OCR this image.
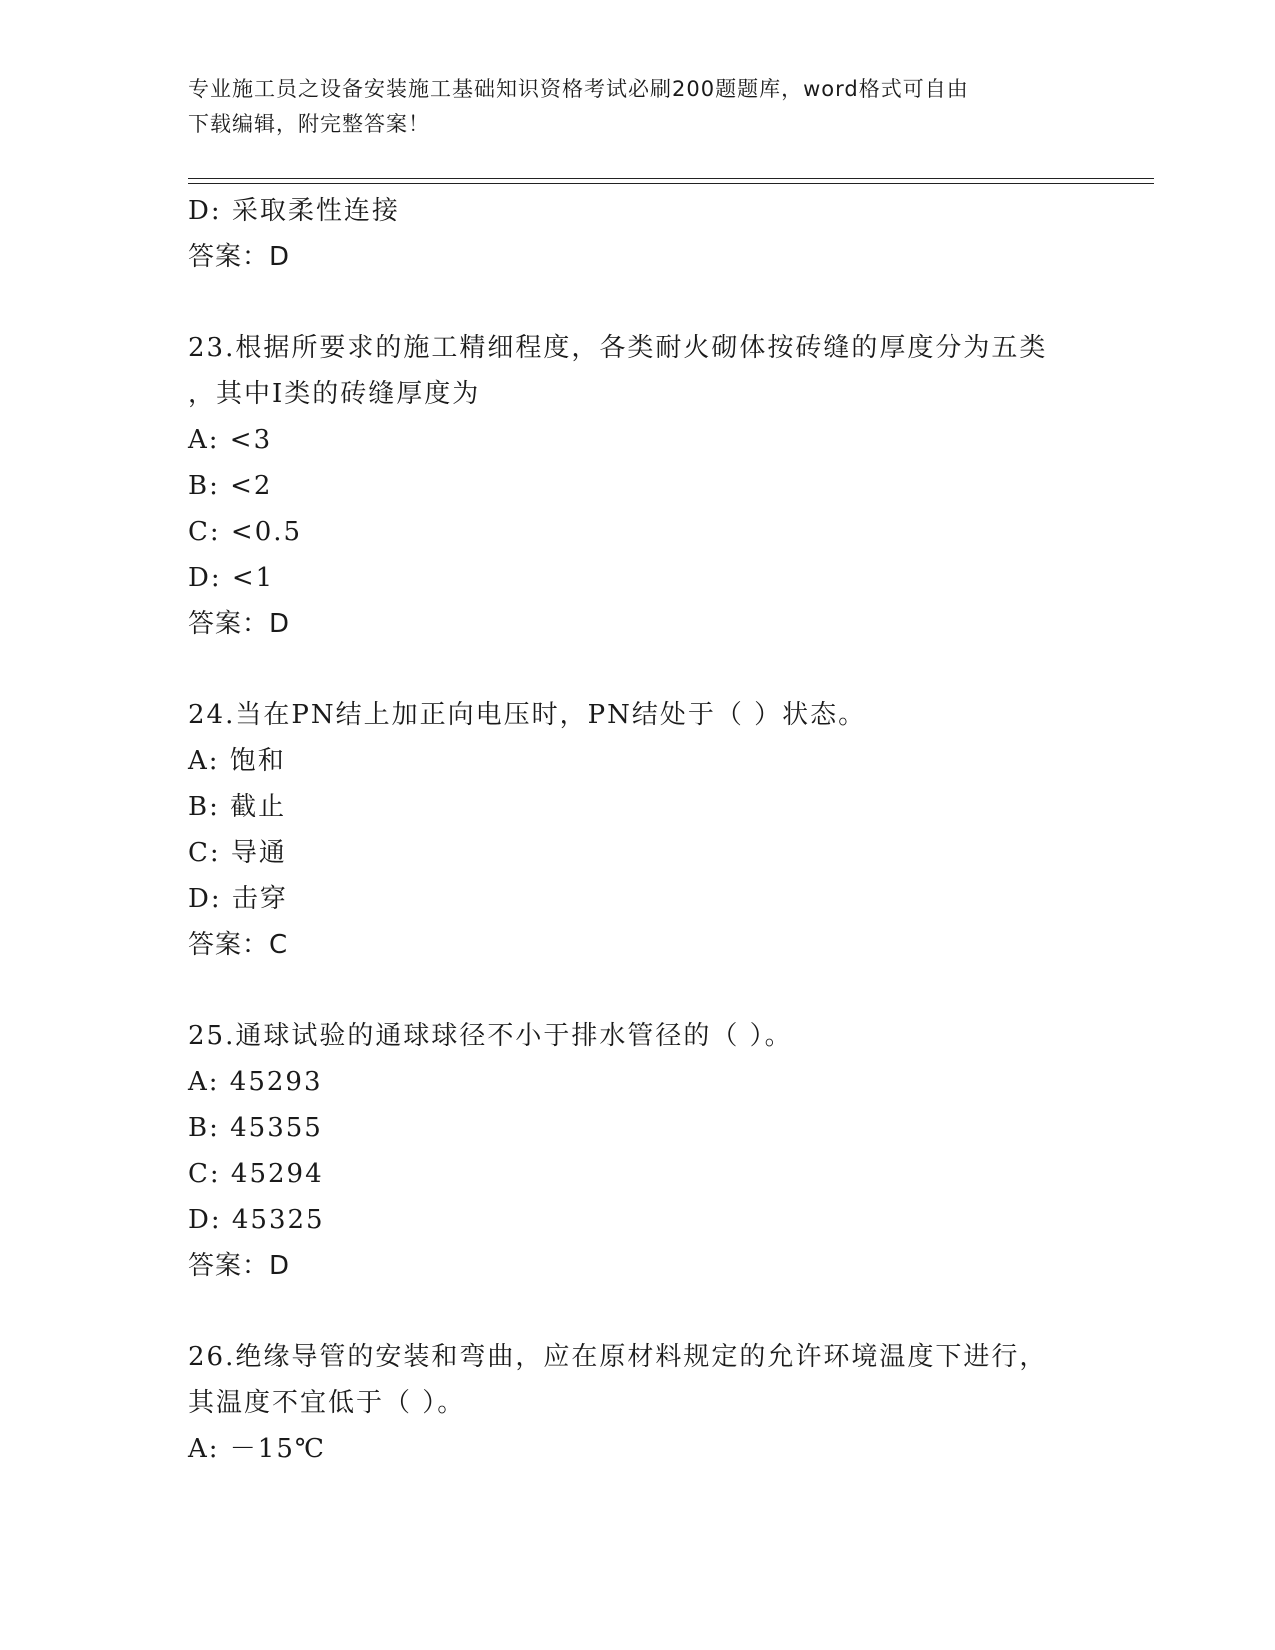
专业施工员之设备安装施工基础知识资格考试必刷200题题库，word格式可自由
下载编辑，附完整答案！
D: 采取柔性连接
答案：D
23.根据所要求的施工精细程度，各类耐火砌体按砖缝的厚度分为五类
，其中Ⅰ类的砖缝厚度为
A: <3
B: <2
C: <0.5
D: <1
答案：D
24.当在PN结上加正向电压时，PN结处于（ ）状态。
A: 饱和
B: 截止
C: 导通
D: 击穿
答案：C
25.通球试验的通球球径不小于排水管径的（ ）。
A: 45293
B: 45355
C: 45294
D: 45325
答案：D
26.绝缘导管的安装和弯曲，应在原材料规定的允许环境温度下进行，
其温度不宜低于（ ）。
A: －15℃
